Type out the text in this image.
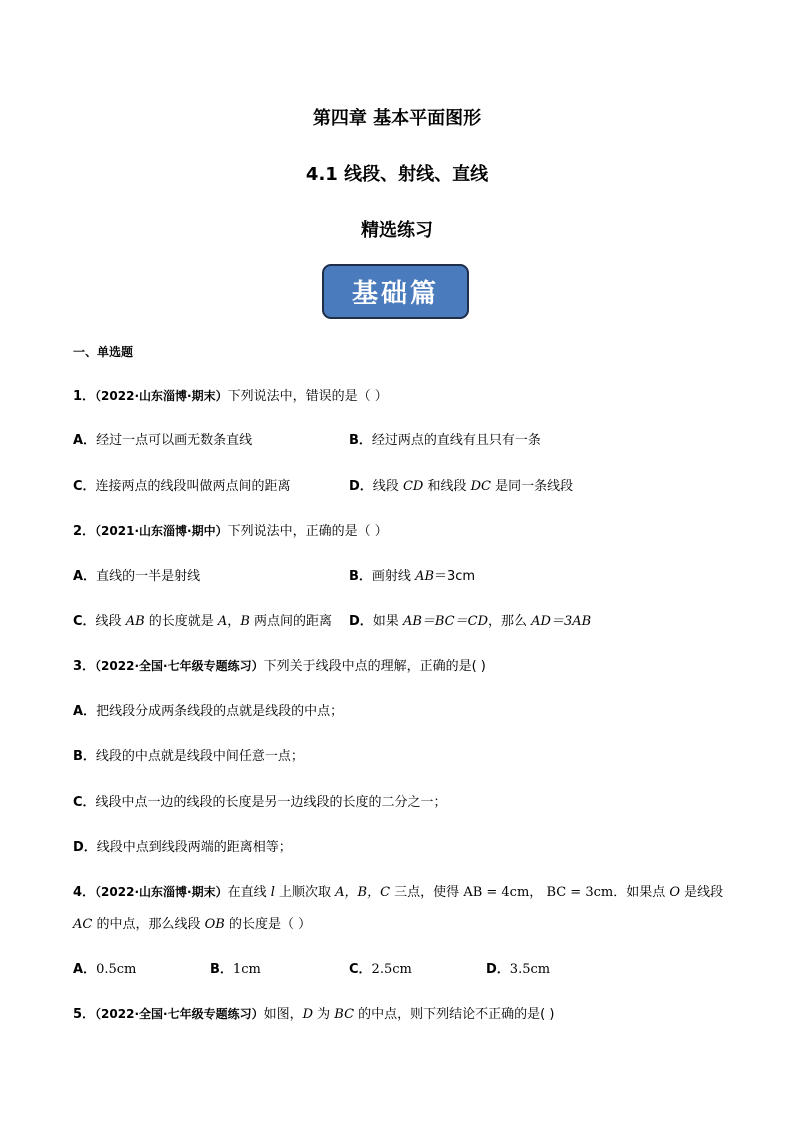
第四章 基本平面图形
4.1 线段、射线、直线
精选练习
基础篇
一、单选题
1．（2022·山东淄博·期末）下列说法中，错误的是（ ）
A．经过一点可以画无数条直线	B．经过两点的直线有且只有一条
C．连接两点的线段叫做两点间的距离	D．线段 CD 和线段 DC 是同一条线段
2．（2021·山东淄博·期中）下列说法中，正确的是（ ）
A．直线的一半是射线	B．画射线 AB＝3cm
C．线段 AB 的长度就是 A，B 两点间的距离 D．如果 AB＝BC＝CD，那么 AD＝3AB
3．（2022·全国·七年级专题练习）下列关于线段中点的理解，正确的是( )
A．把线段分成两条线段的点就是线段的中点；
B．线段的中点就是线段中间任意一点；
C．线段中点一边的线段的长度是另一边线段的长度的二分之一；
D．线段中点到线段两端的距离相等；
4．（2022·山东淄博·期末）在直线 l 上顺次取 A，B，C 三点，使得 AB = 4cm， BC = 3cm．如果点 O 是线段
AC 的中点，那么线段 OB 的长度是（ ）
A．0.5cm	B．1cm	C．2.5cm	D．3.5cm
5．（2022·全国·七年级专题练习）如图，D 为 BC 的中点，则下列结论不正确的是( )
